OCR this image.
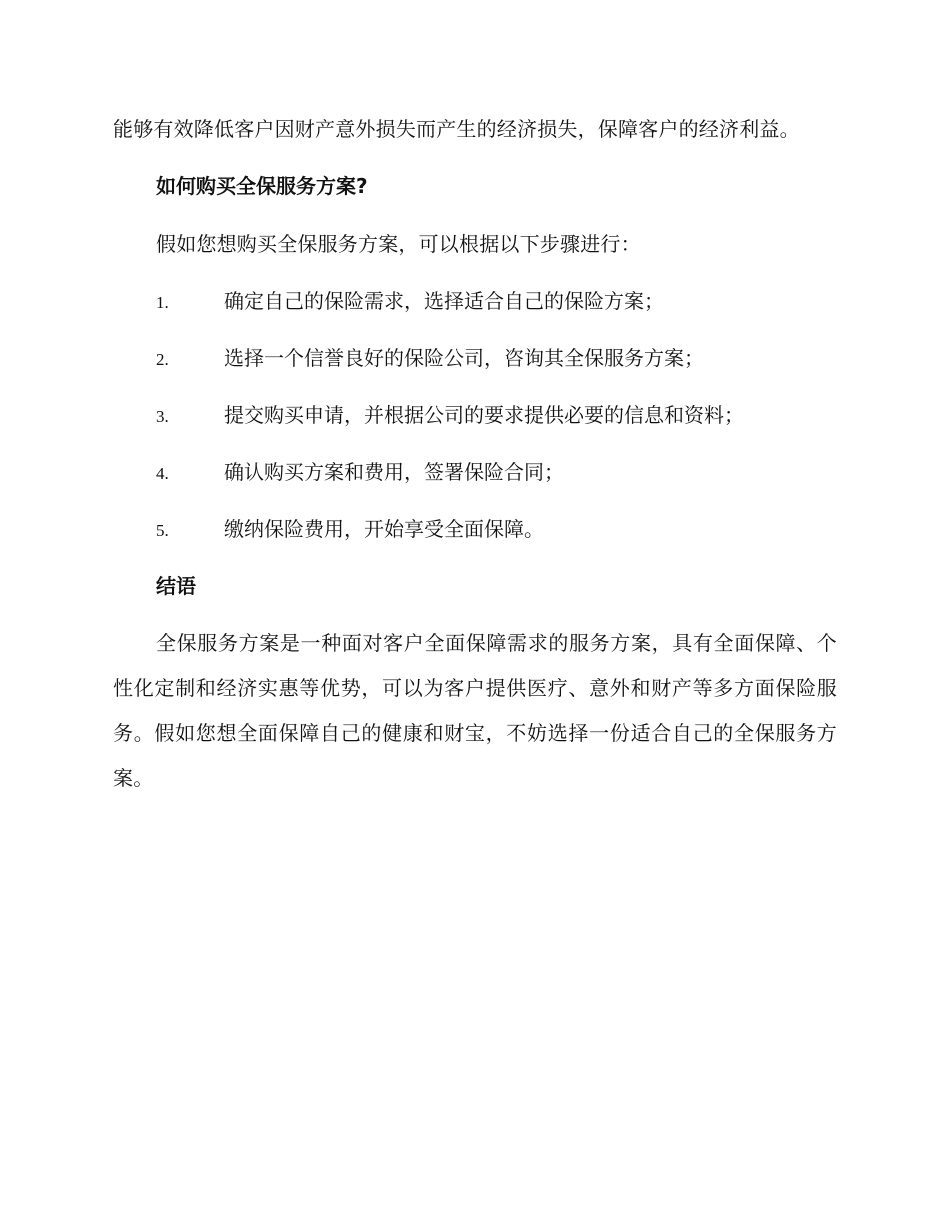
能够有效降低客户因财产意外损失而产生的经济损失，保障客户的经济利益。

如何购买全保服务方案?

假如您想购买全保服务方案，可以根据以下步骤进行：

1.	确定自己的保险需求，选择适合自己的保险方案；
2.	选择一个信誉良好的保险公司，咨询其全保服务方案；
3.	提交购买申请，并根据公司的要求提供必要的信息和资料；
4.	确认购买方案和费用，签署保险合同；
5.	缴纳保险费用，开始享受全面保障。
结语

全保服务方案是一种面对客户全面保障需求的服务方案，具有全面保障、个性化定制和经济实惠等优势，可以为客户提供医疗、意外和财产等多方面保险服务。假如您想全面保障自己的健康和财宝，不妨选择一份适合自己的全保服务方案。
